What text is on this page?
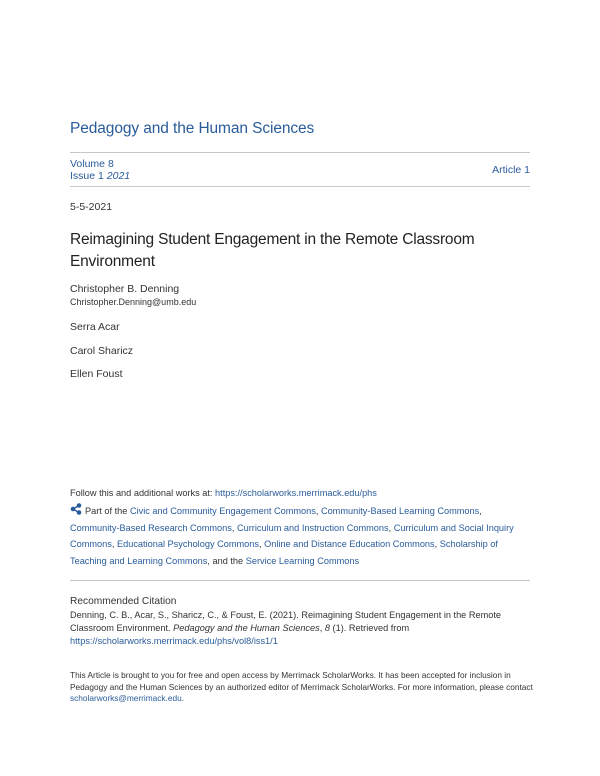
Pedagogy and the Human Sciences
Volume 8
Issue 1 2021	Article 1
5-5-2021
Reimagining Student Engagement in the Remote Classroom Environment
Christopher B. Denning
Christopher.Denning@umb.edu
Serra Acar
Carol Sharicz
Ellen Foust
Follow this and additional works at: https://scholarworks.merrimack.edu/phs
Part of the Civic and Community Engagement Commons, Community-Based Learning Commons, Community-Based Research Commons, Curriculum and Instruction Commons, Curriculum and Social Inquiry Commons, Educational Psychology Commons, Online and Distance Education Commons, Scholarship of Teaching and Learning Commons, and the Service Learning Commons
Recommended Citation
Denning, C. B., Acar, S., Sharicz, C., & Foust, E. (2021). Reimagining Student Engagement in the Remote Classroom Environment. Pedagogy and the Human Sciences, 8 (1). Retrieved from
https://scholarworks.merrimack.edu/phs/vol8/iss1/1
This Article is brought to you for free and open access by Merrimack ScholarWorks. It has been accepted for inclusion in Pedagogy and the Human Sciences by an authorized editor of Merrimack ScholarWorks. For more information, please contact scholarworks@merrimack.edu.
